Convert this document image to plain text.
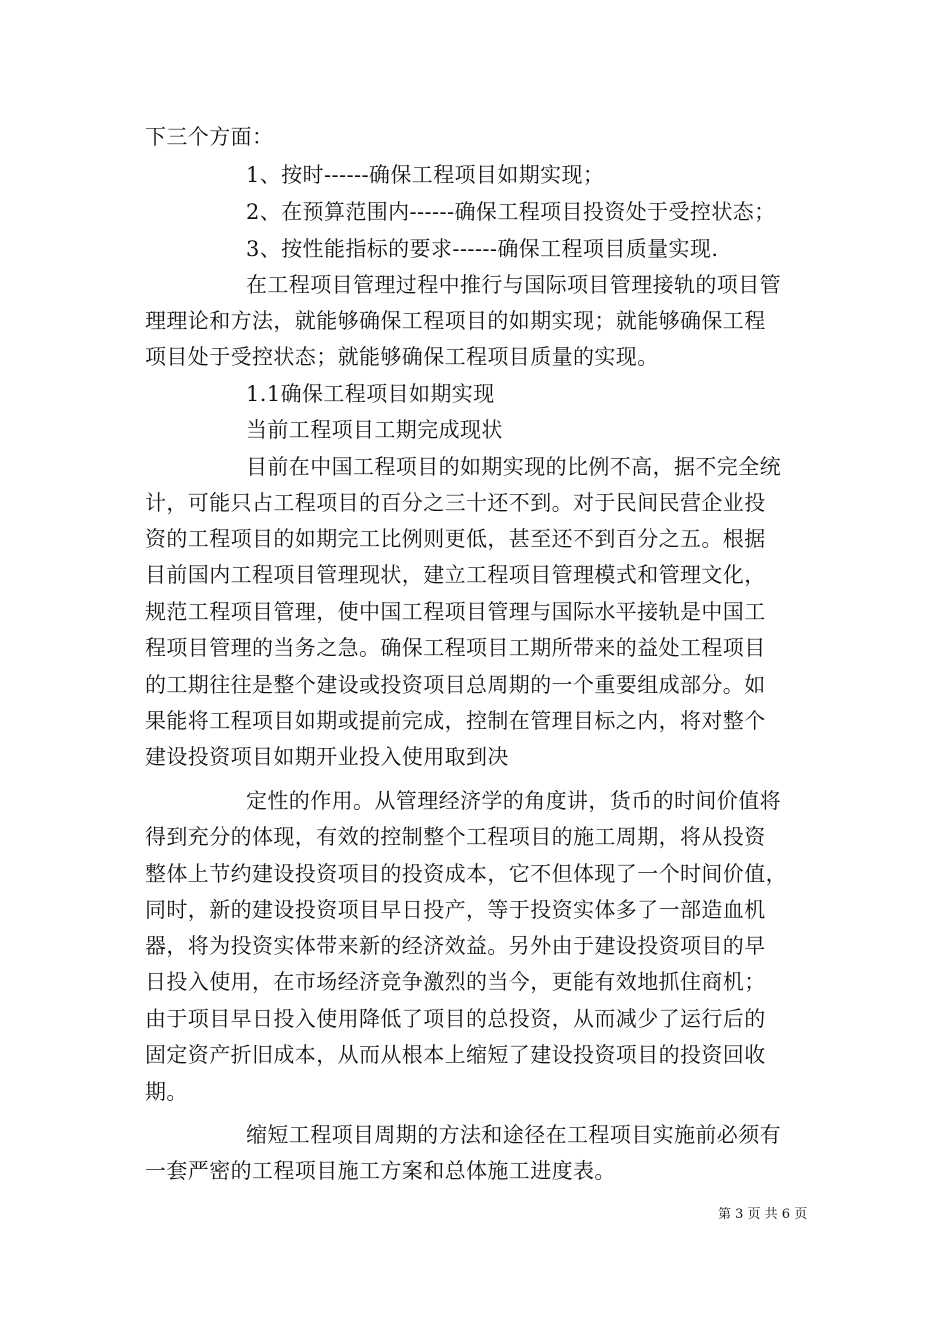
下三个方面：
1、按时------确保工程项目如期实现；
2、在预算范围内------确保工程项目投资处于受控状态；
3、按性能指标的要求------确保工程项目质量实现.
在工程项目管理过程中推行与国际项目管理接轨的项目管
理理论和方法，就能够确保工程项目的如期实现；就能够确保工程
项目处于受控状态；就能够确保工程项目质量的实现。
1.1确保工程项目如期实现
当前工程项目工期完成现状
目前在中国工程项目的如期实现的比例不高，据不完全统
计，可能只占工程项目的百分之三十还不到。对于民间民营企业投
资的工程项目的如期完工比例则更低，甚至还不到百分之五。根据
目前国内工程项目管理现状，建立工程项目管理模式和管理文化，
规范工程项目管理，使中国工程项目管理与国际水平接轨是中国工
程项目管理的当务之急。确保工程项目工期所带来的益处工程项目
的工期往往是整个建设或投资项目总周期的一个重要组成部分。如
果能将工程项目如期或提前完成，控制在管理目标之内，将对整个
建设投资项目如期开业投入使用取到决
定性的作用。从管理经济学的角度讲，货币的时间价值将
得到充分的体现，有效的控制整个工程项目的施工周期，将从投资
整体上节约建设投资项目的投资成本，它不但体现了一个时间价值，
同时，新的建设投资项目早日投产，等于投资实体多了一部造血机
器，将为投资实体带来新的经济效益。另外由于建设投资项目的早
日投入使用，在市场经济竞争激烈的当今，更能有效地抓住商机；
由于项目早日投入使用降低了项目的总投资，从而减少了运行后的
固定资产折旧成本，从而从根本上缩短了建设投资项目的投资回收
期。
缩短工程项目周期的方法和途径在工程项目实施前必须有
一套严密的工程项目施工方案和总体施工进度表。
第 3 页 共 6 页
